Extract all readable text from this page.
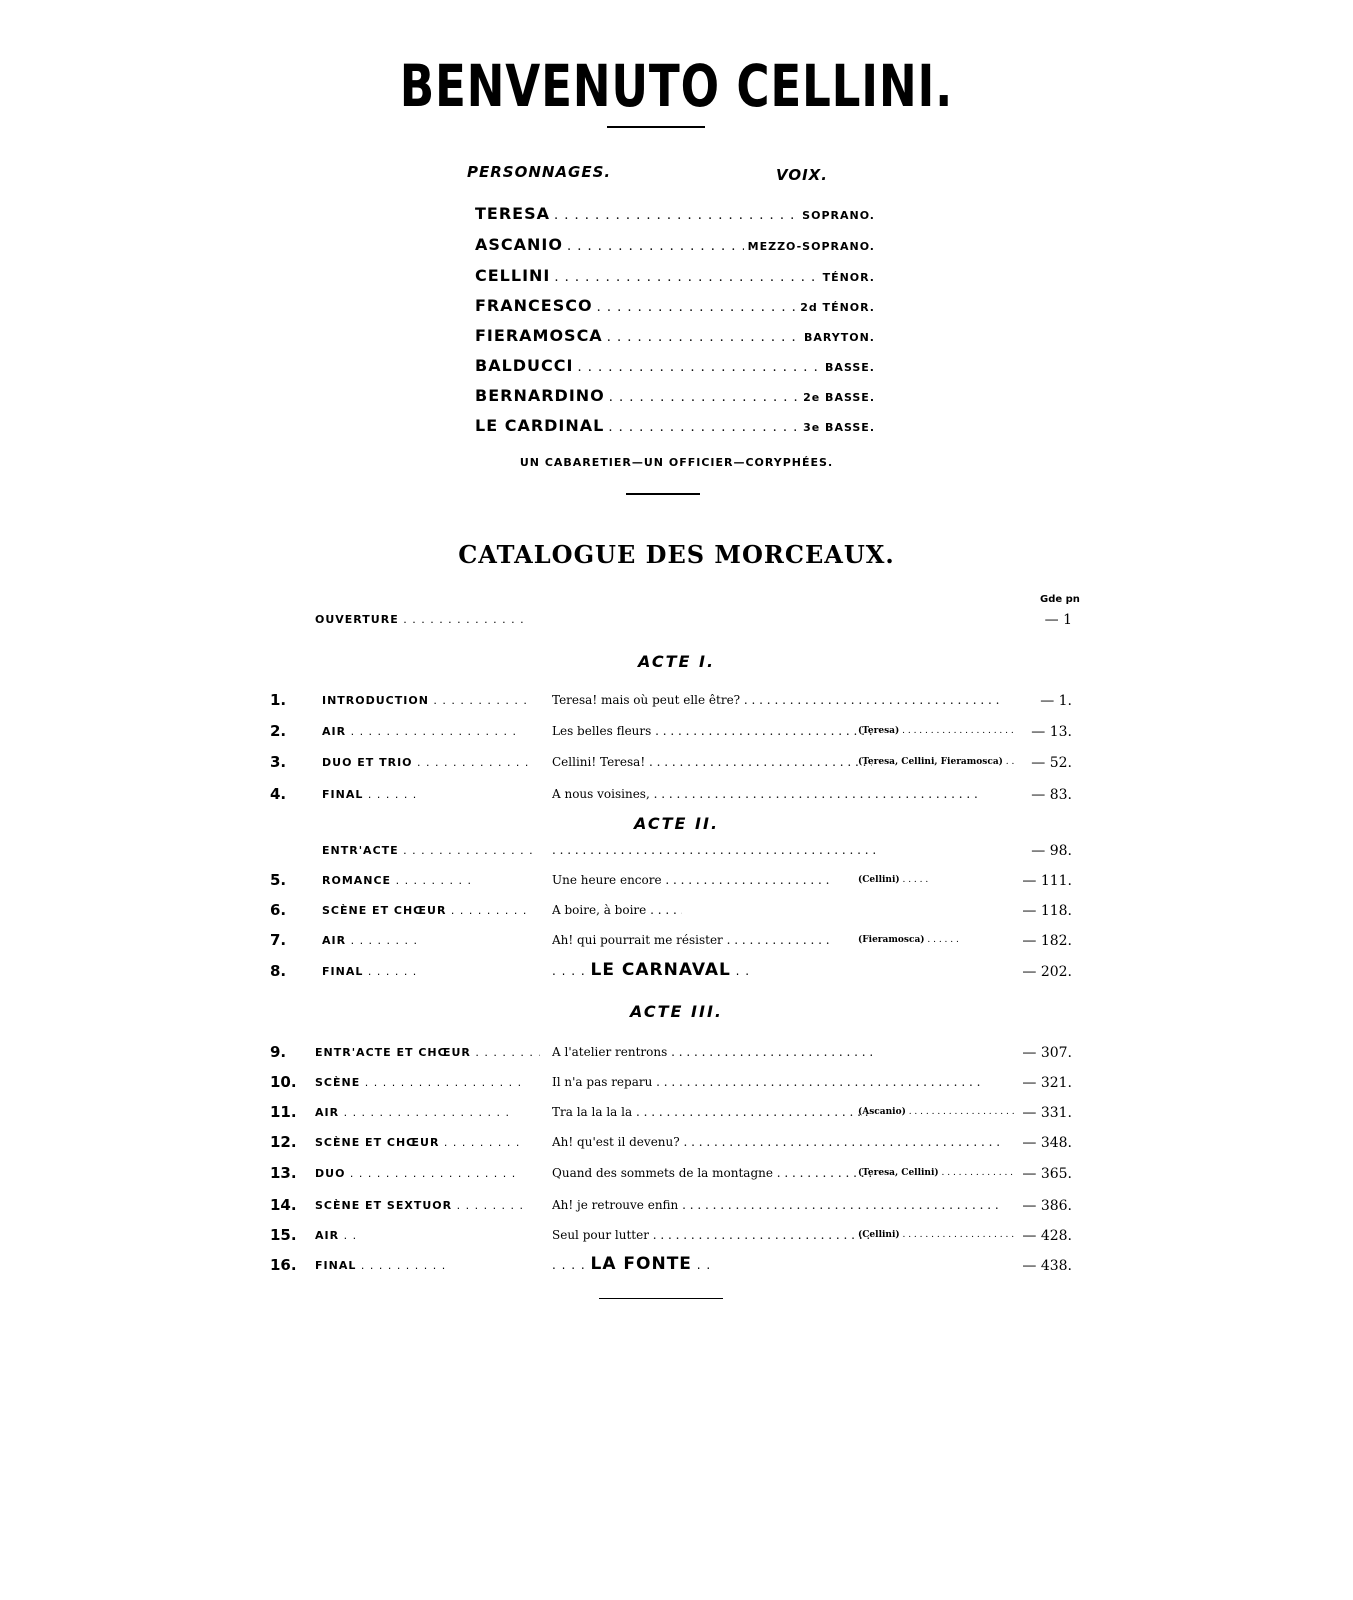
BENVENUTO CELLINI.
PERSONNAGES.	VOIX.
TERESA . . .	SOPRANO.
ASCANIO . . .	MEZZO-SOPRANO.
CELLINI . . .	TÉNOR.
FRANCESCO . . .	2d TÉNOR.
FIERAMOSCA . . .	BARYTON.
BALDUCCI . . .	BASSE.
BERNARDINO . . .	2e BASSE.
LE CARDINAL . . .	3e BASSE.
UN CABARETIER—UN OFFICIER—CORYPHÉES.
CATALOGUE DES MORCEAUX.
Gde pn
OUVERTURE . . .	— 1
ACTE I.
1.	INTRODUCTION . . .	Teresa! mais où peut elle être? . . .	— 1.
2.	AIR . . .	Les belles fleurs . . .	(Teresa) . . .	— 13.
3.	DUO ET TRIO . . .	Cellini! Teresa! . . .	(Teresa, Cellini, Fieramosca) . . .	— 52.
4.	FINAL . . .	A nous voisines, . . .	— 83.
ACTE II.
ENTR'ACTE . . . . . .	— 98.
5.	ROMANCE . . .	Une heure encore . . .	(Cellini) . . .	— 111.
6.	SCÈNE ET CHŒUR . . .	A boire, à boire . . .	— 118.
7.	AIR . . .	Ah! qui pourrait me résister . . .	(Fieramosca) . . .	— 182.
8.	FINAL . . .	. . . . LE CARNAVAL . .	— 202.
ACTE III.
9.	ENTR'ACTE ET CHŒUR . . .	A l'atelier rentrons . . .	— 307.
10. SCÈNE . . .	Il n'a pas reparu . . .	— 321.
11. AIR . . .	Tra la la la la . . .	(Ascanio) . . .	— 331.
12. SCÈNE ET CHŒUR . . .	Ah! qu'est il devenu? . . .	— 348.
13. DUO . . .	Quand des sommets de la montagne . . .	(Teresa, Cellini) . . .	— 365.
14. SCÈNE ET SEXTUOR . . .	Ah! je retrouve enfin . . .	— 386.
15. AIR . . .	Seul pour lutter . . .	(Cellini) . . .	— 428.
16. FINAL . . .	. . . . LA FONTE . .	— 438.
